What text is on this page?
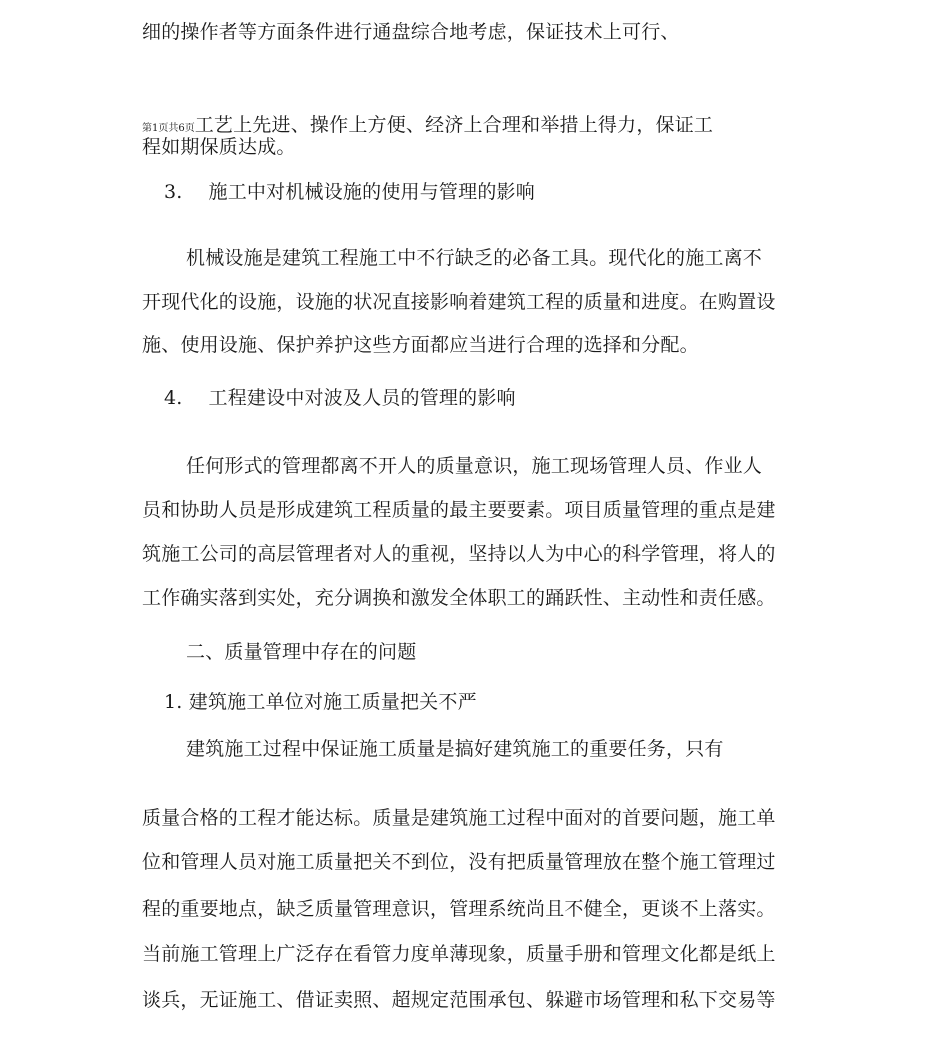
细的操作者等方面条件进行通盘综合地考虑，保证技术上可行、
第1页共6页工艺上先进、操作上方便、经济上合理和举措上得力，保证工
程如期保质达成。
3. 施工中对机械设施的使用与管理的影响
机械设施是建筑工程施工中不行缺乏的必备工具。现代化的施工离不
开现代化的设施，设施的状况直接影响着建筑工程的质量和进度。在购置设
施、使用设施、保护养护这些方面都应当进行合理的选择和分配。
4. 工程建设中对波及人员的管理的影响
任何形式的管理都离不开人的质量意识，施工现场管理人员、作业人
员和协助人员是形成建筑工程质量的最主要要素。项目质量管理的重点是建
筑施工公司的高层管理者对人的重视，坚持以人为中心的科学管理，将人的
工作确实落到实处，充分调换和激发全体职工的踊跃性、主动性和责任感。
二、质量管理中存在的问题
1. 建筑施工单位对施工质量把关不严
建筑施工过程中保证施工质量是搞好建筑施工的重要任务，只有
质量合格的工程才能达标。质量是建筑施工过程中面对的首要问题，施工单
位和管理人员对施工质量把关不到位，没有把质量管理放在整个施工管理过
程的重要地点，缺乏质量管理意识，管理系统尚且不健全，更谈不上落实。
当前施工管理上广泛存在看管力度单薄现象，质量手册和管理文化都是纸上
谈兵，无证施工、借证卖照、超规定范围承包、躲避市场管理和私下交易等
